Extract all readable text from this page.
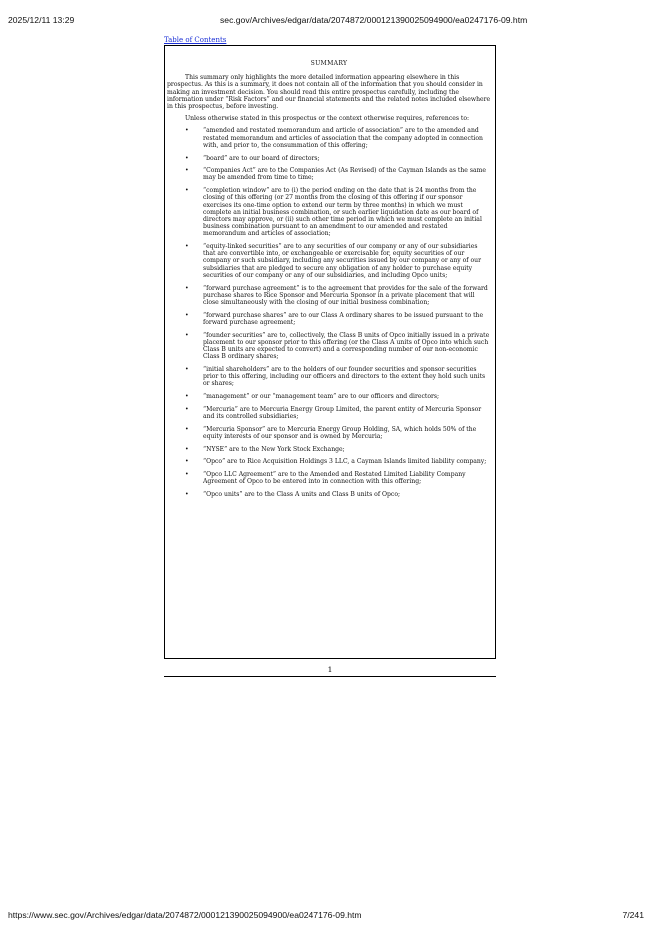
2025/12/11 13:29	sec.gov/Archives/edgar/data/2074872/000121390025094900/ea0247176-09.htm
Table of Contents
SUMMARY

This summary only highlights the more detailed information appearing elsewhere in this prospectus. As this is a summary, it does not contain all of the information that you should consider in making an investment decision. You should read this entire prospectus carefully, including the information under “Risk Factors” and our financial statements and the related notes included elsewhere in this prospectus, before investing.

Unless otherwise stated in this prospectus or the context otherwise requires, references to:

• “amended and restated memorandum and article of association” are to the amended and restated memorandum and articles of association that the company adopted in connection with, and prior to, the consummation of this offering;
• “board” are to our board of directors;
• “Companies Act” are to the Companies Act (As Revised) of the Cayman Islands as the same may be amended from time to time;
• “completion window” are to (i) the period ending on the date that is 24 months from the closing of this offering (or 27 months from the closing of this offering if our sponsor exercises its one-time option to extend our term by three months) in which we must complete an initial business combination, or such earlier liquidation date as our board of directors may approve, or (ii) such other time period in which we must complete an initial business combination pursuant to an amendment to our amended and restated memorandum and articles of association;
• “equity-linked securities” are to any securities of our company or any of our subsidiaries that are convertible into, or exchangeable or exercisable for, equity securities of our company or such subsidiary, including any securities issued by our company or any of our subsidiaries that are pledged to secure any obligation of any holder to purchase equity securities of our company or any of our subsidiaries, and including Opco units;
• “forward purchase agreement” is to the agreement that provides for the sale of the forward purchase shares to Rice Sponsor and Mercuria Sponsor in a private placement that will close simultaneously with the closing of our initial business combination;
• “forward purchase shares” are to our Class A ordinary shares to be issued pursuant to the forward purchase agreement;
• “founder securities” are to, collectively, the Class B units of Opco initially issued in a private placement to our sponsor prior to this offering (or the Class A units of Opco into which such Class B units are expected to convert) and a corresponding number of our non-economic Class B ordinary shares;
• “initial shareholders” are to the holders of our founder securities and sponsor securities prior to this offering, including our officers and directors to the extent they hold such units or shares;
• “management” or our “management team” are to our officers and directors;
• “Mercuria” are to Mercuria Energy Group Limited, the parent entity of Mercuria Sponsor and its controlled subsidiaries;
• “Mercuria Sponsor” are to Mercuria Energy Group Holding, SA, which holds 50% of the equity interests of our sponsor and is owned by Mercuria;
• “NYSE” are to the New York Stock Exchange;
• “Opco” are to Rice Acquisition Holdings 3 LLC, a Cayman Islands limited liability company;
• “Opco LLC Agreement” are to the Amended and Restated Limited Liability Company Agreement of Opco to be entered into in connection with this offering;
• “Opco units” are to the Class A units and Class B units of Opco;
1
https://www.sec.gov/Archives/edgar/data/2074872/000121390025094900/ea0247176-09.htm	7/241
